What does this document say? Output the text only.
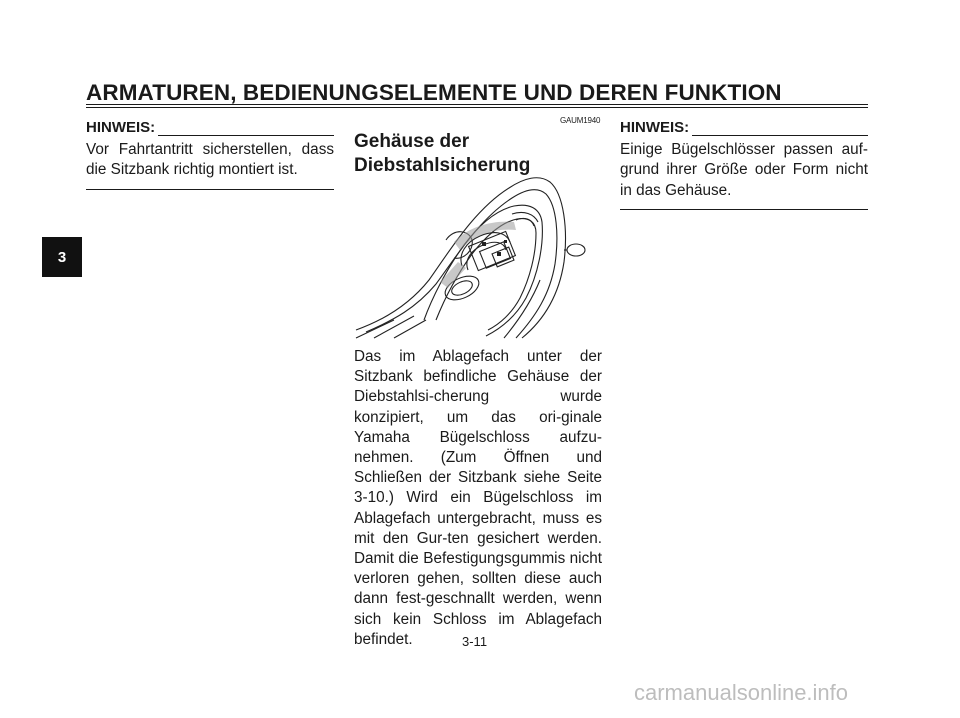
ARMATUREN, BEDIENUNGSELEMENTE UND DEREN FUNKTION
3
HINWEIS:
Vor Fahrtantritt sicherstellen, dass die Sitzbank richtig montiert ist.
GAUM1940
Gehäuse der
Diebstahlsicherung
Das im Ablagefach unter der Sitzbank befindliche Gehäuse der Diebstahlsi-cherung wurde konzipiert, um das ori-ginale Yamaha Bügelschloss aufzu-nehmen. (Zum Öffnen und Schließen der Sitzbank siehe Seite 3-10.) Wird ein Bügelschloss im Ablagefach untergebracht, muss es mit den Gur-ten gesichert werden. Damit die Befestigungsgummis nicht verloren gehen, sollten diese auch dann fest-geschnallt werden, wenn sich kein Schloss im Ablagefach befindet.
HINWEIS:
Einige Bügelschlösser passen auf-grund ihrer Größe oder Form nicht in das Gehäuse.
3-11
carmanualsonline.info
